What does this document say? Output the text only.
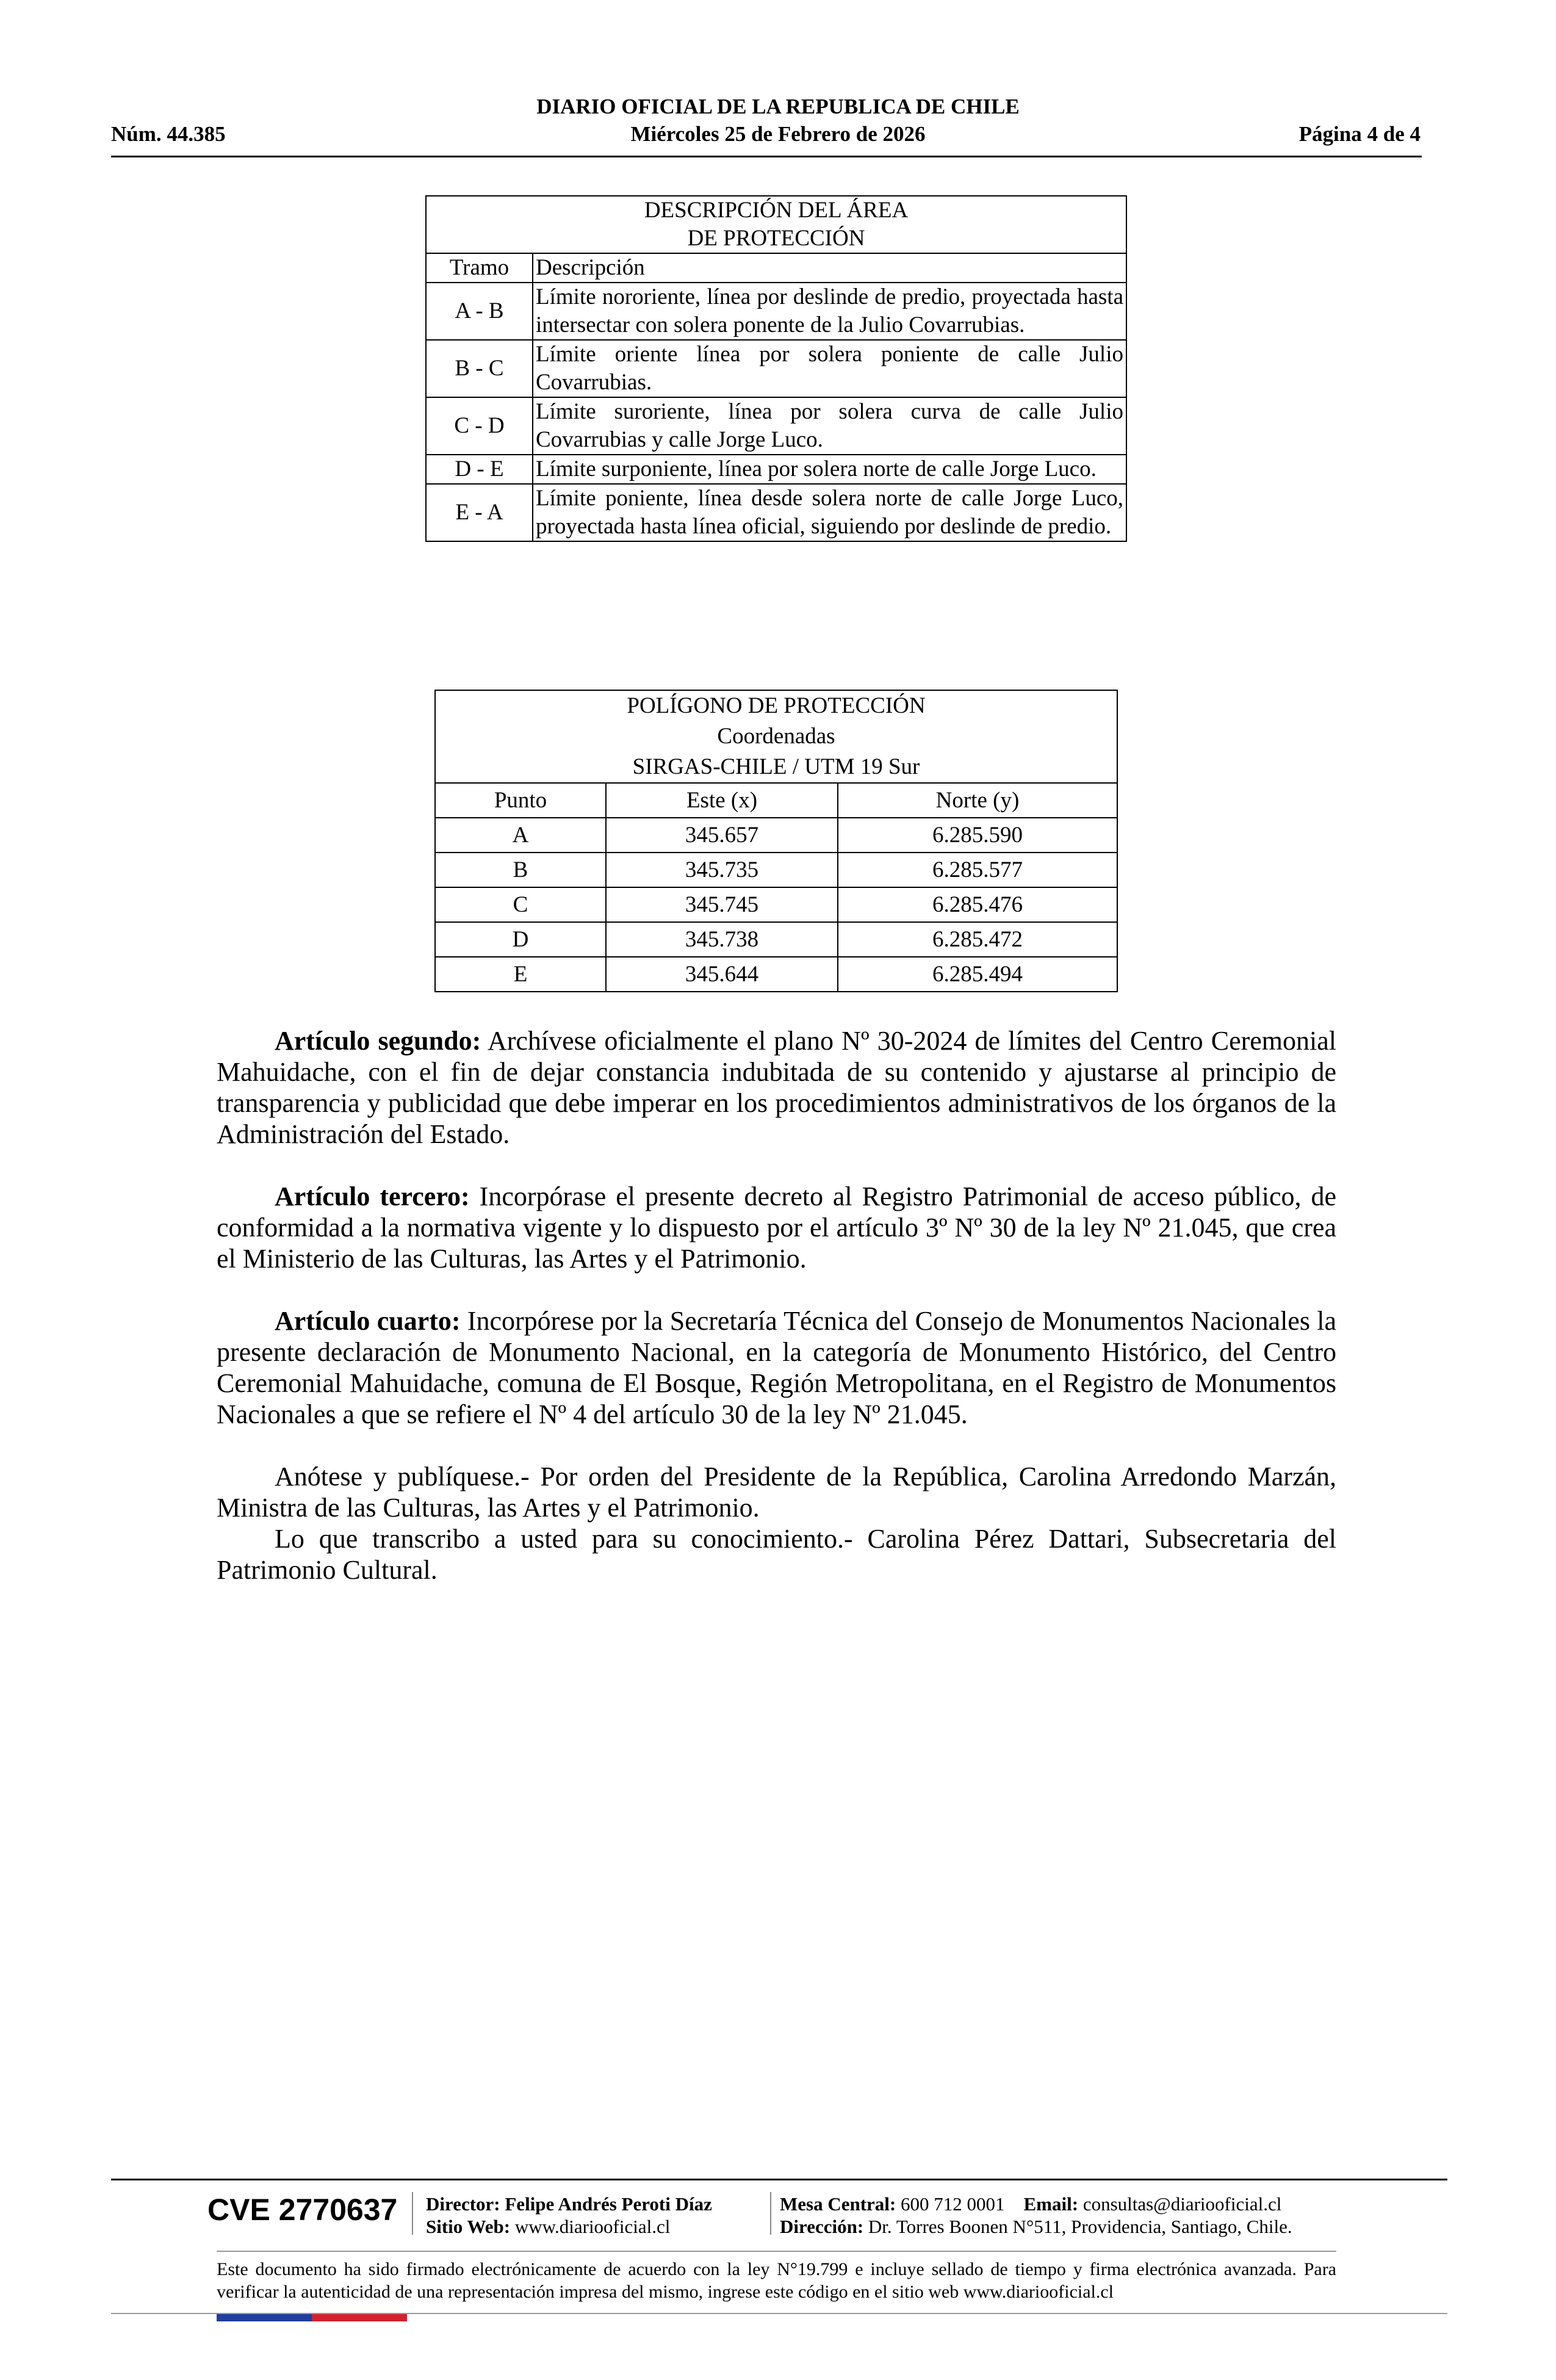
DIARIO OFICIAL DE LA REPUBLICA DE CHILE
Miércoles 25 de Febrero de 2026
Núm. 44.385	Página 4 de 4
DESCRIPCIÓN DEL ÁREA
DE PROTECCIÓN	
Tramo	Descripción
A - B	Límite nororiente, línea por deslinde de predio, proyectada hasta intersectar con solera ponente de la Julio Covarrubias.
B - C	Límite oriente línea por solera poniente de calle Julio Covarrubias.
C - D	Límite suroriente, línea por solera curva de calle Julio Covarrubias y calle Jorge Luco.
D - E	Límite surponiente, línea por solera norte de calle Jorge Luco.
E - A	Límite poniente, línea desde solera norte de calle Jorge Luco, proyectada hasta línea oficial, siguiendo por deslinde de predio.
POLÍGONO DE PROTECCIÓN
Coordenadas
SIRGAS-CHILE / UTM 19 Sur		
Punto	Este (x)	Norte (y)
A	345.657	6.285.590
B	345.735	6.285.577
C	345.745	6.285.476
D	345.738	6.285.472
E	345.644	6.285.494

Artículo segundo: Archívese oficialmente el plano Nº 30-2024 de límites del Centro Ceremonial Mahuidache, con el fin de dejar constancia indubitada de su contenido y ajustarse al principio de transparencia y publicidad que debe imperar en los procedimientos administrativos de los órganos de la Administración del Estado.

Artículo tercero: Incorpórase el presente decreto al Registro Patrimonial de acceso público, de conformidad a la normativa vigente y lo dispuesto por el artículo 3º Nº 30 de la ley Nº 21.045, que crea el Ministerio de las Culturas, las Artes y el Patrimonio.

Artículo cuarto: Incorpórese por la Secretaría Técnica del Consejo de Monumentos Nacionales la presente declaración de Monumento Nacional, en la categoría de Monumento Histórico, del Centro Ceremonial Mahuidache, comuna de El Bosque, Región Metropolitana, en el Registro de Monumentos Nacionales a que se refiere el Nº 4 del artículo 30 de la ley Nº 21.045.

Anótese y publíquese.- Por orden del Presidente de la República, Carolina Arredondo Marzán, Ministra de las Culturas, las Artes y el Patrimonio.

Lo que transcribo a usted para su conocimiento.- Carolina Pérez Dattari, Subsecretaria del Patrimonio Cultural.

CVE 2770637 Director: Felipe Andrés Peroti Díaz
Sitio Web: www.diariooficial.cl
Mesa Central: 600 712 0001 Email: consultas@diariooficial.cl
Dirección: Dr. Torres Boonen N°511, Providencia, Santiago, Chile.
Este documento ha sido firmado electrónicamente de acuerdo con la ley N°19.799 e incluye sellado de tiempo y firma electrónica avanzada. Para verificar la autenticidad de una representación impresa del mismo, ingrese este código en el sitio web www.diariooficial.cl
